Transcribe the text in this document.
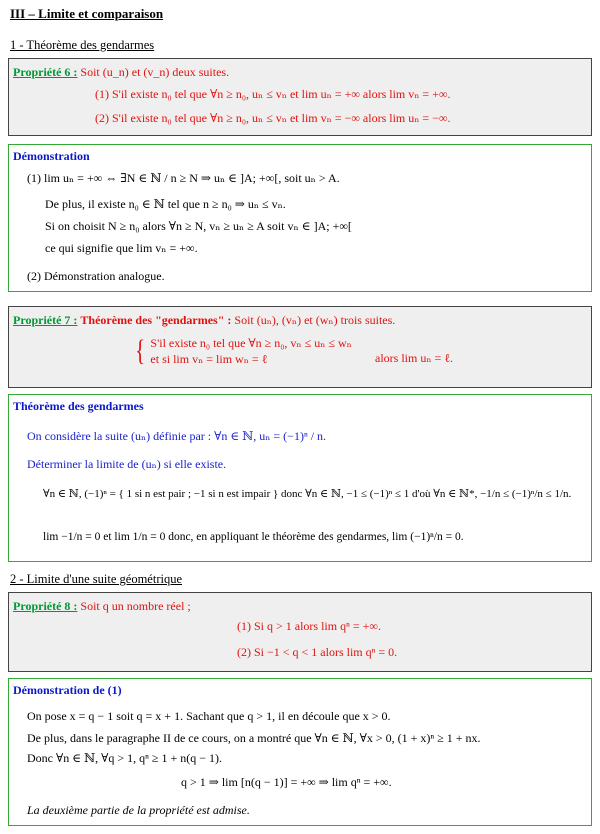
III – Limite et comparaison
1 - Théorème des gendarmes
Propriété 6 : Soit (u_n) et (v_n) deux suites.
(1) S'il existe n₀ tel que ∀n ≥ n₀, uₙ ≤ vₙ et lim uₙ = +∞ alors lim vₙ = +∞.
(2) S'il existe n₀ tel que ∀n ≥ n₀, uₙ ≤ vₙ et lim vₙ = −∞ alors lim uₙ = −∞.
Démonstration
(1) lim uₙ = +∞ ⇔ ∃N ∈ ℕ / n ≥ N ⇒ uₙ ∈ ]A; +∞[, soit uₙ > A.
De plus, il existe n₀ ∈ ℕ tel que n ≥ n₀ ⇒ uₙ ≤ vₙ.
Si on choisit N ≥ n₀ alors ∀n ≥ N, vₙ ≥ uₙ ≥ A soit vₙ ∈ ]A; +∞[
ce qui signifie que lim vₙ = +∞.
(2) Démonstration analogue.
Propriété 7 : Théorème des "gendarmes" : Soit (uₙ), (vₙ) et (wₙ) trois suites.
{ S'il existe n₀ tel que ∀n ≥ n₀, vₙ ≤ uₙ ≤ wₙ
et si lim vₙ = lim wₙ = ℓ	alors lim uₙ = ℓ.
Théorème des gendarmes
On considère la suite (uₙ) définie par : ∀n ∈ ℕ, uₙ = (−1)ⁿ / n.
Déterminer la limite de (uₙ) si elle existe.
∀n ∈ ℕ, (−1)ⁿ = { 1 si n est pair ; −1 si n est impair } donc ∀n ∈ ℕ, −1 ≤ (−1)ⁿ ≤ 1 d'où ∀n ∈ ℕ*, −1/n ≤ (−1)ⁿ/n ≤ 1/n.
lim −1/n = 0 et lim 1/n = 0 donc, en appliquant le théorème des gendarmes, lim (−1)ⁿ/n = 0.
2 - Limite d'une suite géométrique
Propriété 8 : Soit q un nombre réel ;
(1) Si q > 1 alors lim qⁿ = +∞.
(2) Si −1 < q < 1 alors lim qⁿ = 0.
Démonstration de (1)
On pose x = q − 1 soit q = x + 1. Sachant que q > 1, il en découle que x > 0.
De plus, dans le paragraphe II de ce cours, on a montré que ∀n ∈ ℕ, ∀x > 0, (1 + x)ⁿ ≥ 1 + nx.
Donc ∀n ∈ ℕ, ∀q > 1, qⁿ ≥ 1 + n(q − 1).
q > 1 ⇒ lim [n(q − 1)] = +∞ ⇒ lim qⁿ = +∞.
La deuxième partie de la propriété est admise.
